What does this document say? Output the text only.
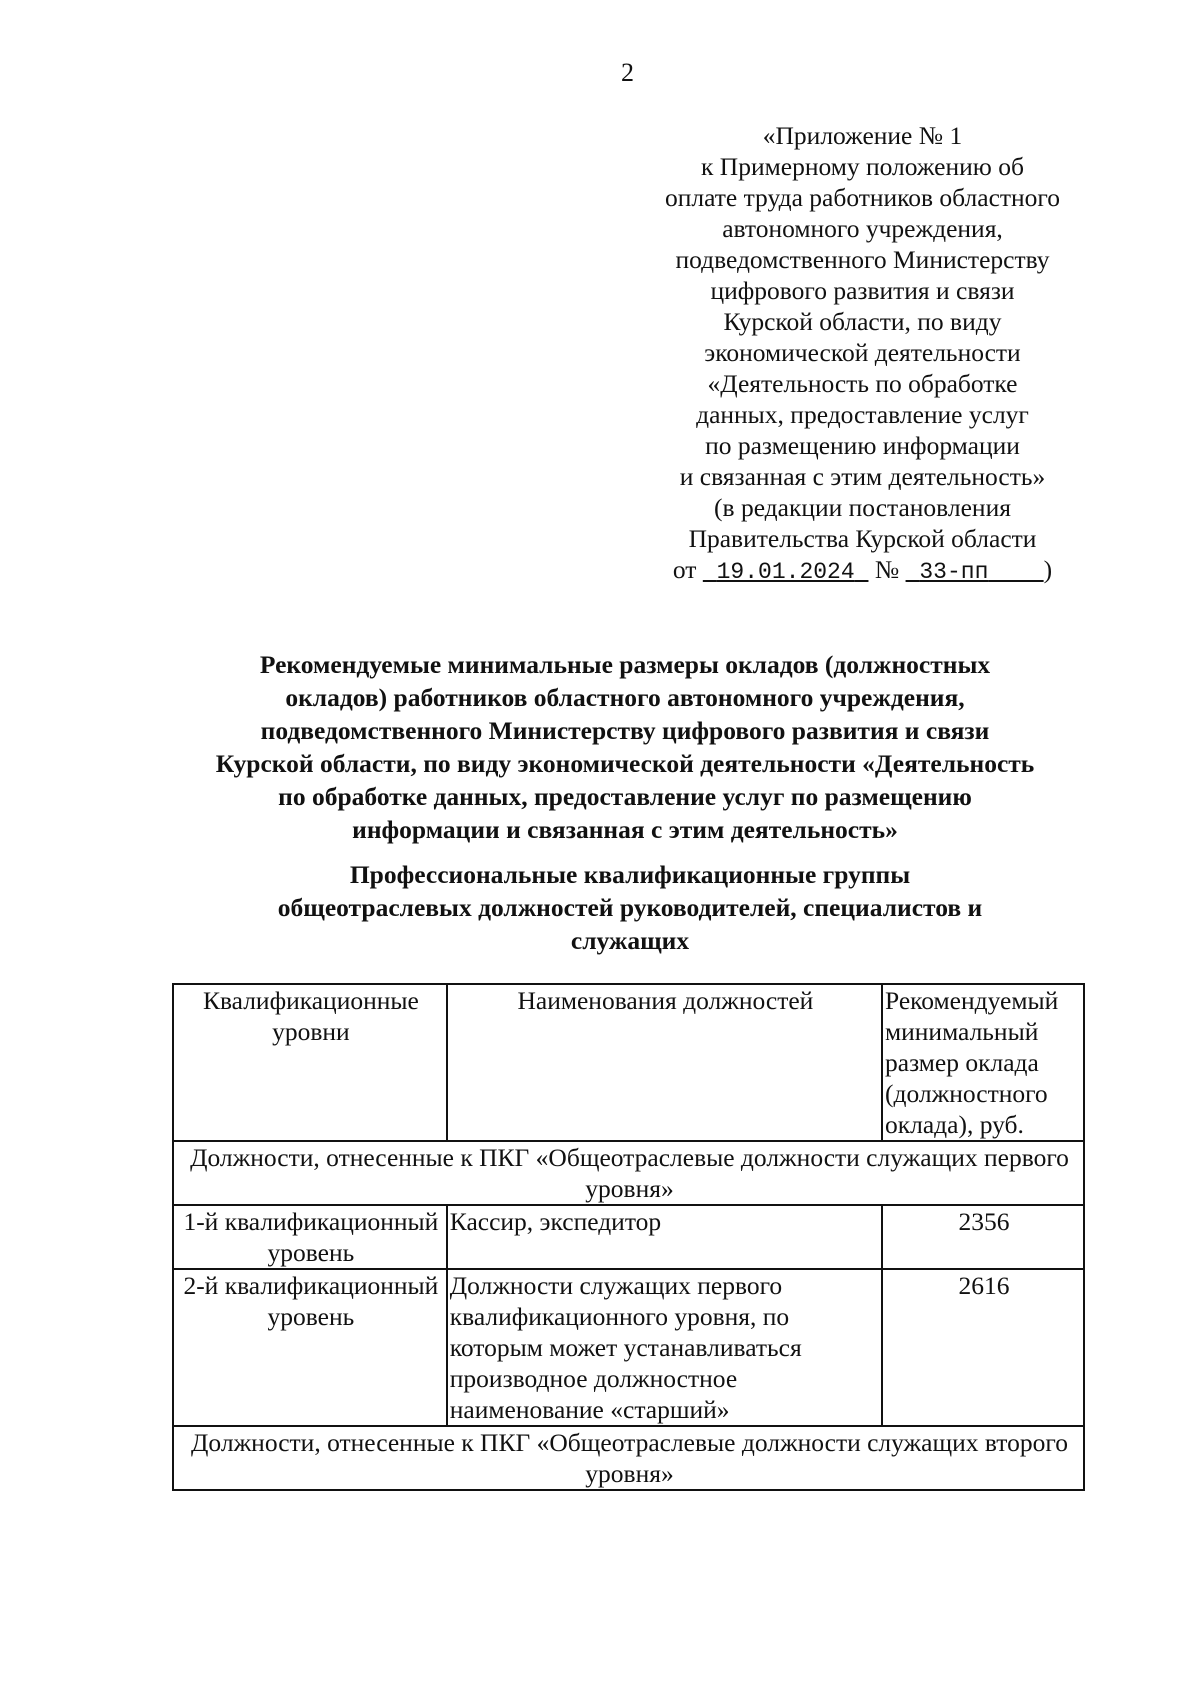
2
«Приложение № 1
к Примерному положению об
оплате труда работников областного
автономного учреждения,
подведомственного Министерству
цифрового развития и связи
Курской области, по виду
экономической деятельности
«Деятельность по обработке
данных, предоставление услуг
по размещению информации
и связанная с этим деятельность»
(в редакции постановления
Правительства Курской области
от 19.01.2024 № 33-пп )
Рекомендуемые минимальные размеры окладов (должностных
окладов) работников областного автономного учреждения,
подведомственного Министерству цифрового развития и связи
Курской области, по виду экономической деятельности «Деятельность
по обработке данных, предоставление услуг по размещению
информации и связанная с этим деятельность»
Профессиональные квалификационные группы
общеотраслевых должностей руководителей, специалистов и
служащих
Квалификационные уровни	Наименования должностей	Рекомендуемый минимальный размер оклада (должностного оклада), руб.
Должности, отнесенные к ПКГ «Общеотраслевые должности служащих первого уровня»		
1-й квалификационный уровень	Кассир, экспедитор	2356
2-й квалификационный уровень	Должности служащих первого квалификационного уровня, по которым может устанавливаться производное должностное наименование «старший»	2616
Должности, отнесенные к ПКГ «Общеотраслевые должности служащих второго уровня»		
